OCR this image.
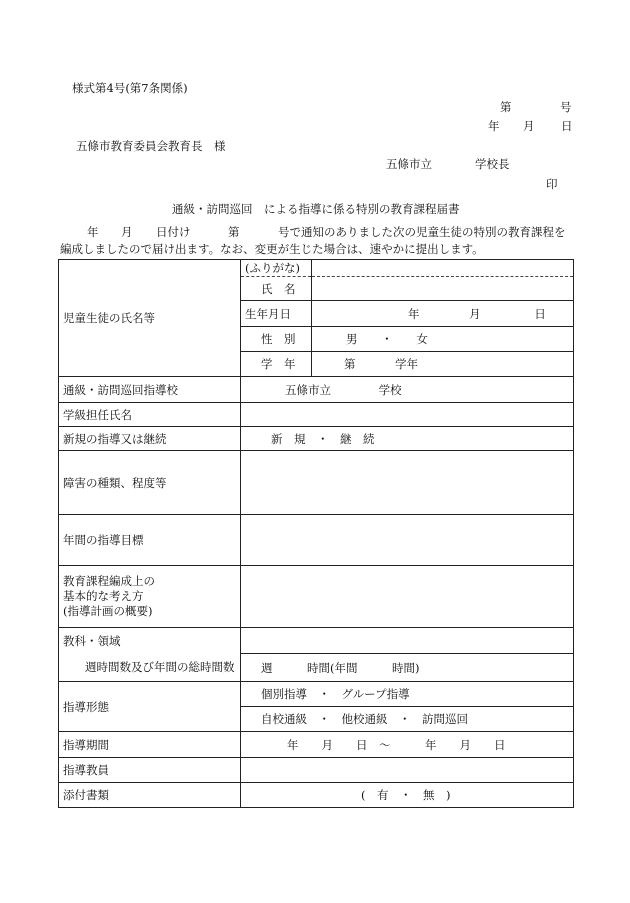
様式第4号(第7条関係)
第	号
年 月 日
五條市教育委員会教育長　様
五條市立	学校長
印
通級・訪問巡回　による指導に係る特別の教育課程届書
年 月 日付け	第	号で通知のありました次の児童生徒の特別の教育課程を
編成しましたので届け出ます。なお、変更が生じた場合は、速やかに提出します。
児童生徒の氏名等	(ふりがな)	
	氏　名	
	生年月日	年 月 日
	性　別	男 ・ 女
	学　年	第 学年
通級・訪問巡回指導校	五條市立 学校	
学級担任氏名		
新規の指導又は継続	新　規　・　継　続	
障害の種類、程度等		
年間の指導目標		

教育課程編成上の
基本的な考え方
(指導計画の概要)		

教科・領域		
週時間数及び年間の総時間数	週　　　時間(年間　　　時間)	
指導形態	個別指導　・　グループ指導	
	自校通級　・　他校通級　・　訪問巡回	
指導期間	年　　月　　日　～　　　年　　月　　日	
指導教員		
添付書類	(　有　・　無　)	
